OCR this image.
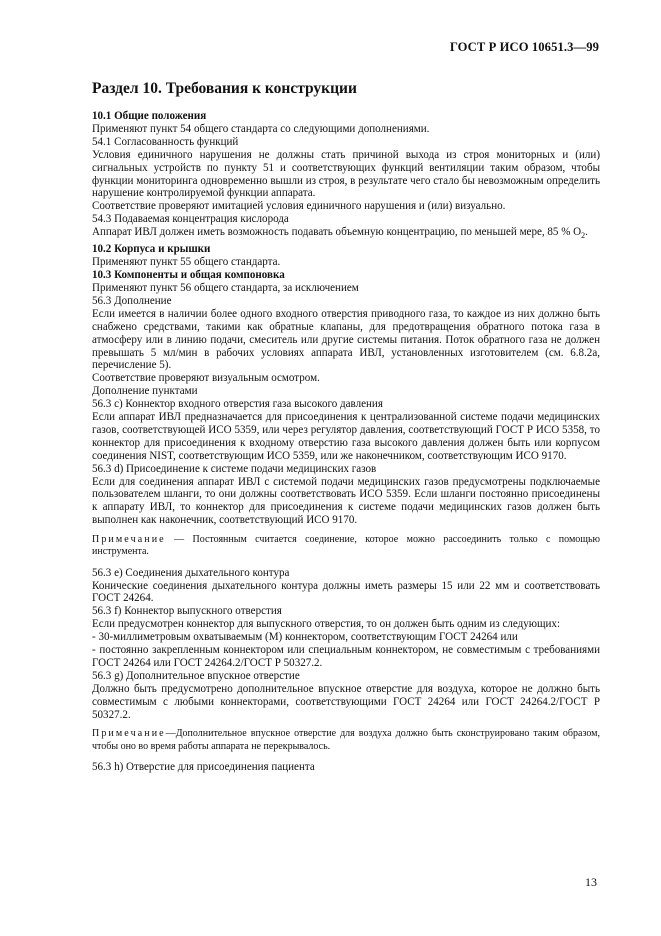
ГОСТ Р ИСО 10651.3—99
Раздел 10. Требования к конструкции

10.1 Общие положения

Применяют пункт 54 общего стандарта со следующими дополнениями.

54.1 Согласованность функций

Условия единичного нарушения не должны стать причиной выхода из строя мониторных и (или) сигнальных устройств по пункту 51 и соответствующих функций вентиляции таким образом, чтобы функции мониторинга одновременно вышли из строя, в результате чего стало бы невозможным определить нарушение контролируемой функции аппарата.

Соответствие проверяют имитацией условия единичного нарушения и (или) визуально.

54.3 Подаваемая концентрация кислорода

Аппарат ИВЛ должен иметь возможность подавать объемную концентрацию, по меньшей мере, 85 % $O_2$.

10.2 Корпуса и крышки

Применяют пункт 55 общего стандарта.

10.3 Компоненты и общая компоновка

Применяют пункт 56 общего стандарта, за исключением

56.3 Дополнение

Если имеется в наличии более одного входного отверстия приводного газа, то каждое из них должно быть снабжено средствами, такими как обратные клапаны, для предотвращения обратного потока газа в атмосферу или в линию подачи, смеситель или другие системы питания. Поток обратного газа не должен превышать 5 мл/мин в рабочих условиях аппарата ИВЛ, установленных изготовителем (см. 6.8.2a, перечисление 5).

Соответствие проверяют визуальным осмотром.

Дополнение пунктами

56.3 c) Коннектор входного отверстия газа высокого давления

Если аппарат ИВЛ предназначается для присоединения к централизованной системе подачи медицинских газов, соответствующей ИСО 5359, или через регулятор давления, соответствующий ГОСТ Р ИСО 5358, то коннектор для присоединения к входному отверстию газа высокого давления должен быть или корпусом соединения NIST, соответствующим ИСО 5359, или же наконечником, соответствующим ИСО 9170.

56.3 d) Присоединение к системе подачи медицинских газов

Если для соединения аппарат ИВЛ с системой подачи медицинских газов предусмотрены подключаемые пользователем шланги, то они должны соответствовать ИСО 5359. Если шланги постоянно присоединены к аппарату ИВЛ, то коннектор для присоединения к системе подачи медицинских газов должен быть выполнен как наконечник, соответствующий ИСО 9170.

Примечание — Постоянным считается соединение, которое можно рассоединить только с помощью инструмента.

56.3 e) Соединения дыхательного контура

Конические соединения дыхательного контура должны иметь размеры 15 или 22 мм и соответствовать ГОСТ 24264.

56.3 f) Коннектор выпускного отверстия

Если предусмотрен коннектор для выпускного отверстия, то он должен быть одним из следующих:

- 30-миллиметровым охватываемым (М) коннектором, соответствующим ГОСТ 24264 или

- постоянно закрепленным коннектором или специальным коннектором, не совместимым с требованиями ГОСТ 24264 или ГОСТ 24264.2/ГОСТ Р 50327.2.

56.3 g) Дополнительное впускное отверстие

Должно быть предусмотрено дополнительное впускное отверстие для воздуха, которое не должно быть совместимым с любыми коннекторами, соответствующими ГОСТ 24264 или ГОСТ 24264.2/ГОСТ Р 50327.2.

Примечание—Дополнительное впускное отверстие для воздуха должно быть сконструировано таким образом, чтобы оно во время работы аппарата не перекрывалось.

56.3 h) Отверстие для присоединения пациента

13
